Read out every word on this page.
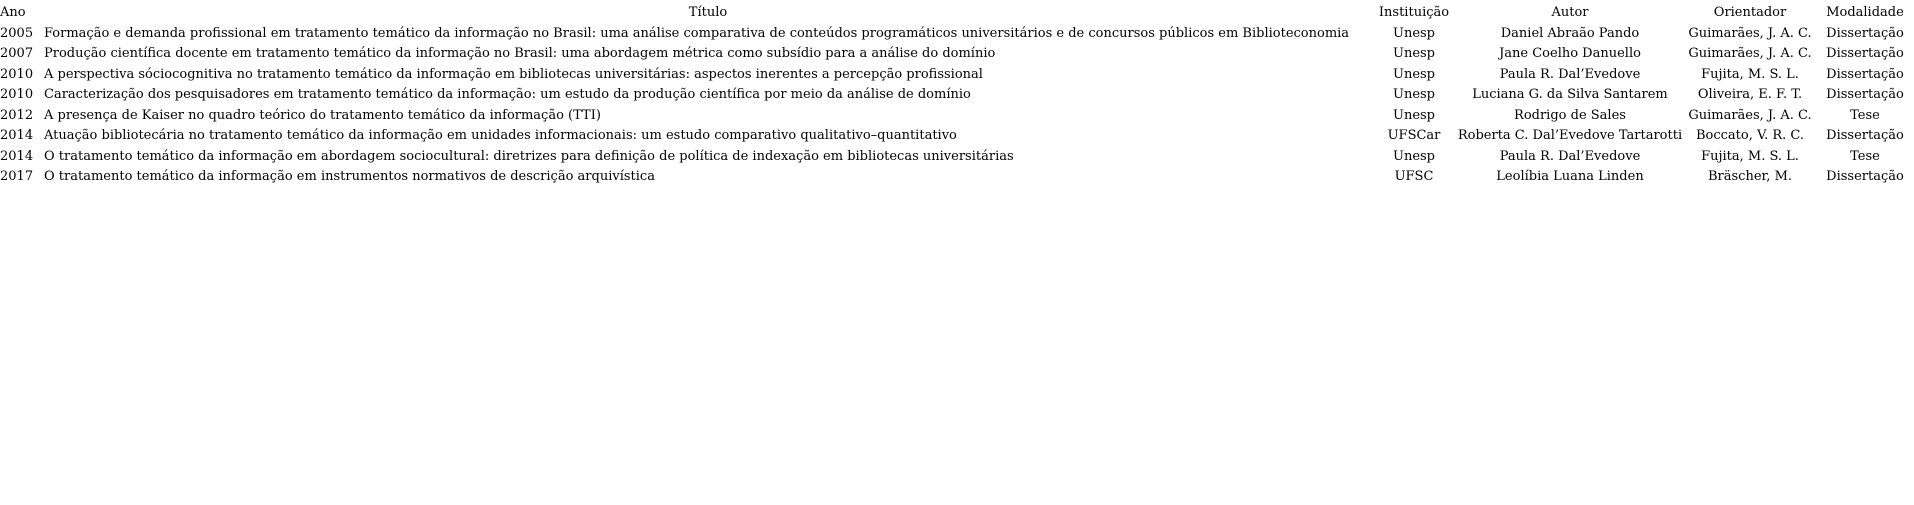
Ano	Título	Instituição	Autor	Orientador	Modalidade
2005	Formação e demanda profissional em tratamento temático da informação no Brasil: uma análise comparativa de conteúdos programáticos universitários e de concursos públicos em Biblioteconomia	Unesp	Daniel Abraão Pando	Guimarães, J. A. C.	Dissertação
2007	Produção científica docente em tratamento temático da informação no Brasil: uma abordagem métrica como subsídio para a análise do domínio	Unesp	Jane Coelho Danuello	Guimarães, J. A. C.	Dissertação
2010	A perspectiva sóciocognitiva no tratamento temático da informação em bibliotecas universitárias: aspectos inerentes a percepção profissional	Unesp	Paula R. Dal’Evedove	Fujita, M. S. L.	Dissertação
2010	Caracterização dos pesquisadores em tratamento temático da informação: um estudo da produção científica por meio da análise de domínio	Unesp	Luciana G. da Silva Santarem	Oliveira, E. F. T.	Dissertação
2012	A presença de Kaiser no quadro teórico do tratamento temático da informação (TTI)	Unesp	Rodrigo de Sales	Guimarães, J. A. C.	Tese
2014	Atuação bibliotecária no tratamento temático da informação em unidades informacionais: um estudo comparativo qualitativo–quantitativo	UFSCar	Roberta C. Dal’Evedove Tartarotti	Boccato, V. R. C.	Dissertação
2014	O tratamento temático da informação em abordagem sociocultural: diretrizes para definição de política de indexação em bibliotecas universitárias	Unesp	Paula R. Dal’Evedove	Fujita, M. S. L.	Tese
2017	O tratamento temático da informação em instrumentos normativos de descrição arquivística	UFSC	Leolíbia Luana Linden	Bräscher, M.	Dissertação
